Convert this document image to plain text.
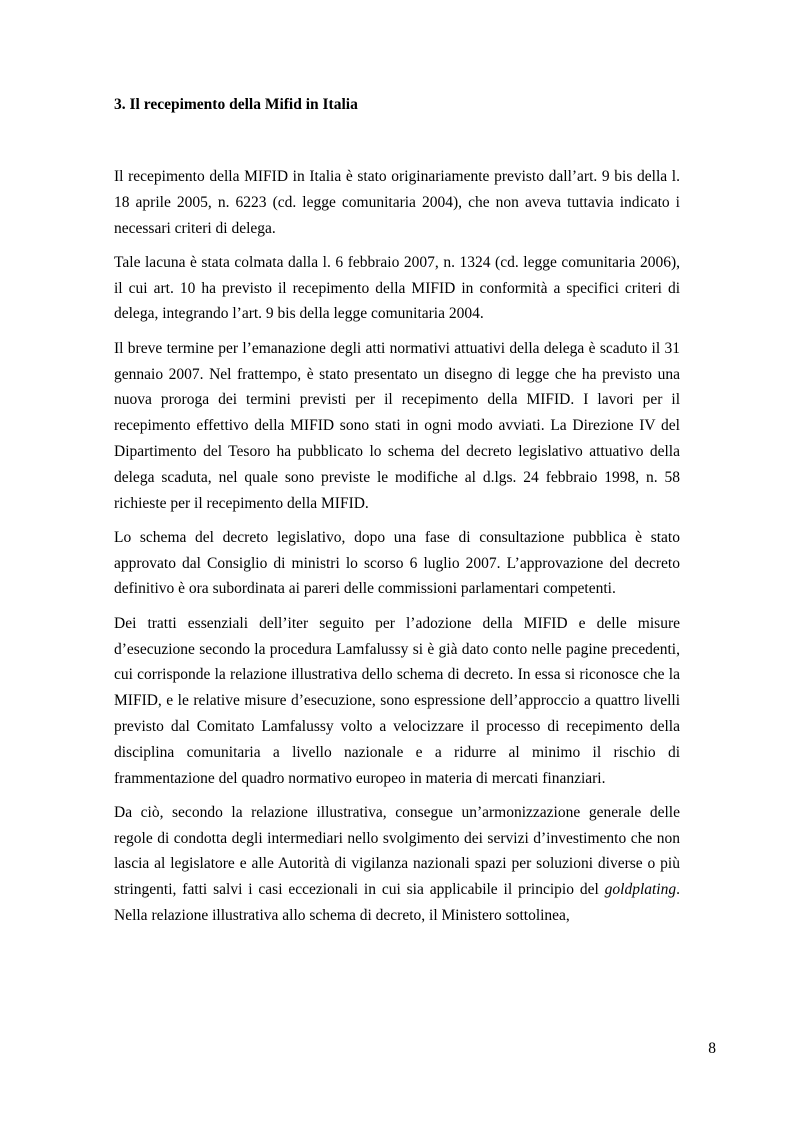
3. Il recepimento della Mifid in Italia

Il recepimento della MIFID in Italia è stato originariamente previsto dall’art. 9 bis della l. 18 aprile 2005, n. 6223 (cd. legge comunitaria 2004), che non aveva tuttavia indicato i necessari criteri di delega.

Tale lacuna è stata colmata dalla l. 6 febbraio 2007, n. 1324 (cd. legge comunitaria 2006), il cui art. 10 ha previsto il recepimento della MIFID in conformità a specifici criteri di delega, integrando l’art. 9 bis della legge comunitaria 2004.

Il breve termine per l’emanazione degli atti normativi attuativi della delega è scaduto il 31 gennaio 2007. Nel frattempo, è stato presentato un disegno di legge che ha previsto una nuova proroga dei termini previsti per il recepimento della MIFID. I lavori per il recepimento effettivo della MIFID sono stati in ogni modo avviati. La Direzione IV del Dipartimento del Tesoro ha pubblicato lo schema del decreto legislativo attuativo della delega scaduta, nel quale sono previste le modifiche al d.lgs. 24 febbraio 1998, n. 58 richieste per il recepimento della MIFID.

Lo schema del decreto legislativo, dopo una fase di consultazione pubblica è stato approvato dal Consiglio di ministri lo scorso 6 luglio 2007. L’approvazione del decreto definitivo è ora subordinata ai pareri delle commissioni parlamentari competenti.

Dei tratti essenziali dell’iter seguito per l’adozione della MIFID e delle misure d’esecuzione secondo la procedura Lamfalussy si è già dato conto nelle pagine precedenti, cui corrisponde la relazione illustrativa dello schema di decreto. In essa si riconosce che la MIFID, e le relative misure d’esecuzione, sono espressione dell’approccio a quattro livelli previsto dal Comitato Lamfalussy volto a velocizzare il processo di recepimento della disciplina comunitaria a livello nazionale e a ridurre al minimo il rischio di frammentazione del quadro normativo europeo in materia di mercati finanziari.

Da ciò, secondo la relazione illustrativa, consegue un’armonizzazione generale delle regole di condotta degli intermediari nello svolgimento dei servizi d’investimento che non lascia al legislatore e alle Autorità di vigilanza nazionali spazi per soluzioni diverse o più stringenti, fatti salvi i casi eccezionali in cui sia applicabile il principio del goldplating. Nella relazione illustrativa allo schema di decreto, il Ministero sottolinea,

8
